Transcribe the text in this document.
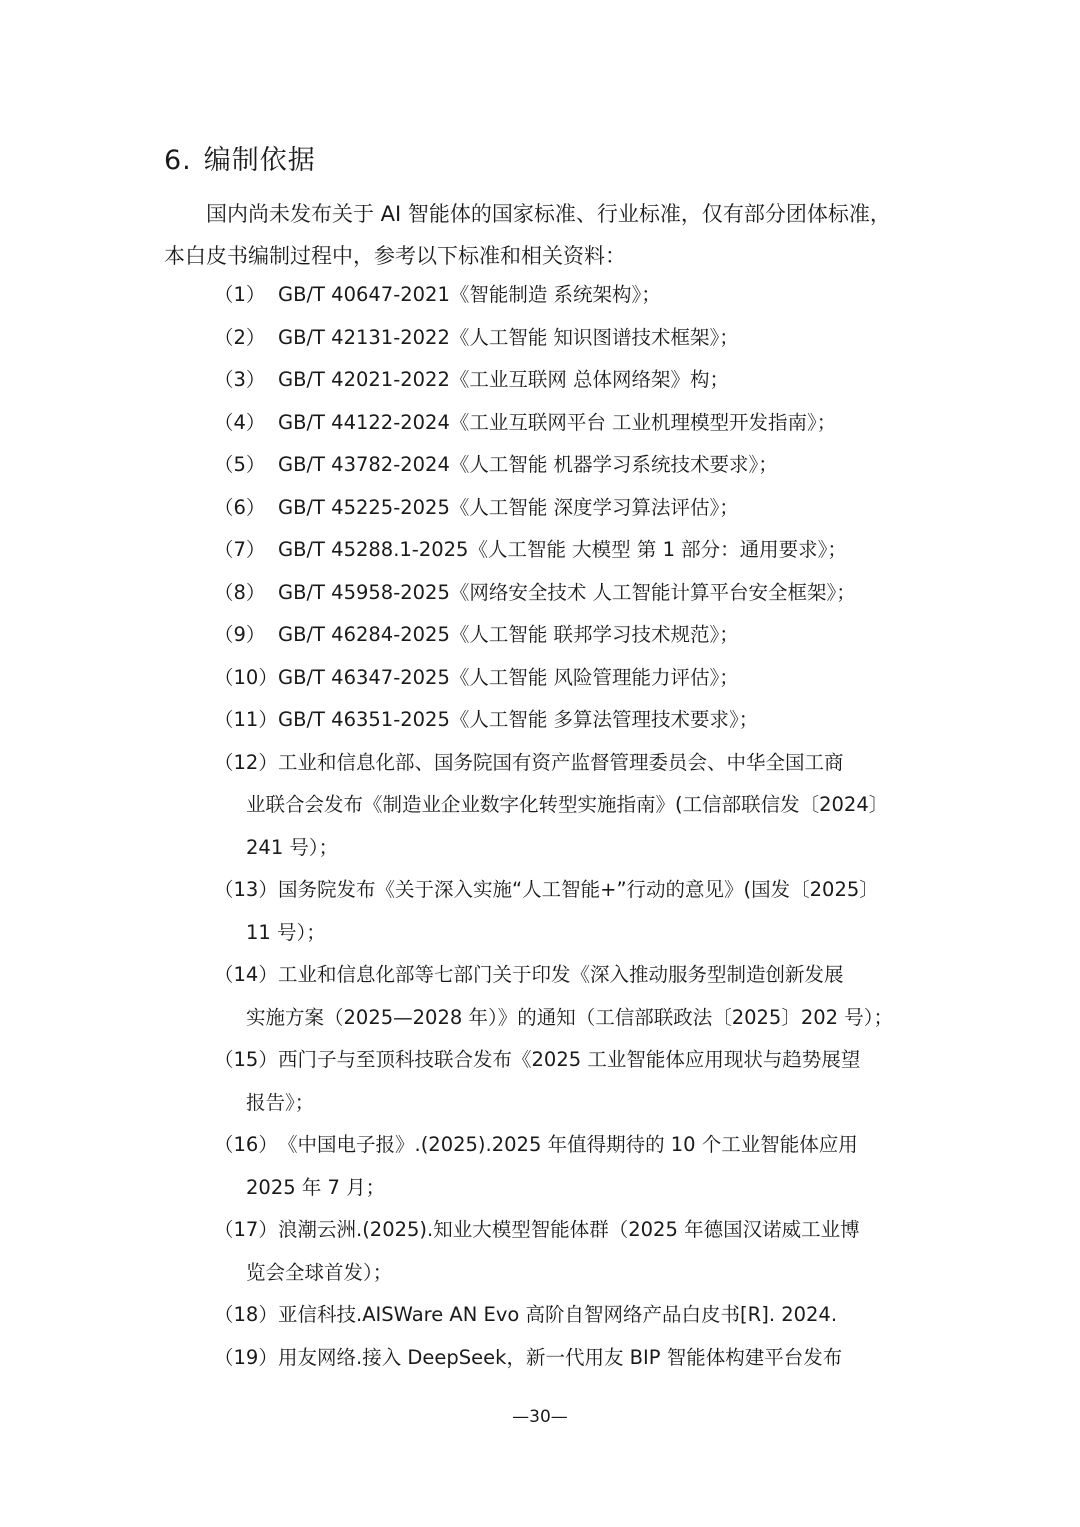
6. 编制依据

国内尚未发布关于 AI 智能体的国家标准、行业标准，仅有部分团体标准，

本白皮书编制过程中，参考以下标准和相关资料：

（1） GB/T 40647-2021《智能制造 系统架构》；
（2） GB/T 42131-2022《人工智能 知识图谱技术框架》；
（3） GB/T 42021-2022《工业互联网 总体网络架》构；
（4） GB/T 44122-2024《工业互联网平台 工业机理模型开发指南》；
（5） GB/T 43782-2024《人工智能 机器学习系统技术要求》；
（6） GB/T 45225-2025《人工智能 深度学习算法评估》；
（7） GB/T 45288.1-2025《人工智能 大模型 第 1 部分：通用要求》；
（8） GB/T 45958-2025《网络安全技术 人工智能计算平台安全框架》；
（9） GB/T 46284-2025《人工智能 联邦学习技术规范》；
（10） GB/T 46347-2025《人工智能 风险管理能力评估》；
（11） GB/T 46351-2025《人工智能 多算法管理技术要求》；
（12） 工业和信息化部、国务院国有资产监督管理委员会、中华全国工商
业联合会发布《制造业企业数字化转型实施指南》(工信部联信发〔2024〕
241 号）；
（13） 国务院发布《关于深入实施“人工智能+”行动的意见》(国发〔2025〕
11 号）；
（14） 工业和信息化部等七部门关于印发《深入推动服务型制造创新发展
实施方案（2025—2028 年）》的通知（工信部联政法〔2025〕202 号）；
（15） 西门子与至顶科技联合发布《2025 工业智能体应用现状与趋势展望
报告》；
（16） 《中国电子报》.(2025).2025 年值得期待的 10 个工业智能体应用
2025 年 7 月；
（17） 浪潮云洲.(2025).知业大模型智能体群（2025 年德国汉诺威工业博
览会全球首发）；
（18） 亚信科技.AISWare AN Evo 高阶自智网络产品白皮书[R]. 2024.
（19） 用友网络.接入 DeepSeek，新一代用友 BIP 智能体构建平台发布
—30—
